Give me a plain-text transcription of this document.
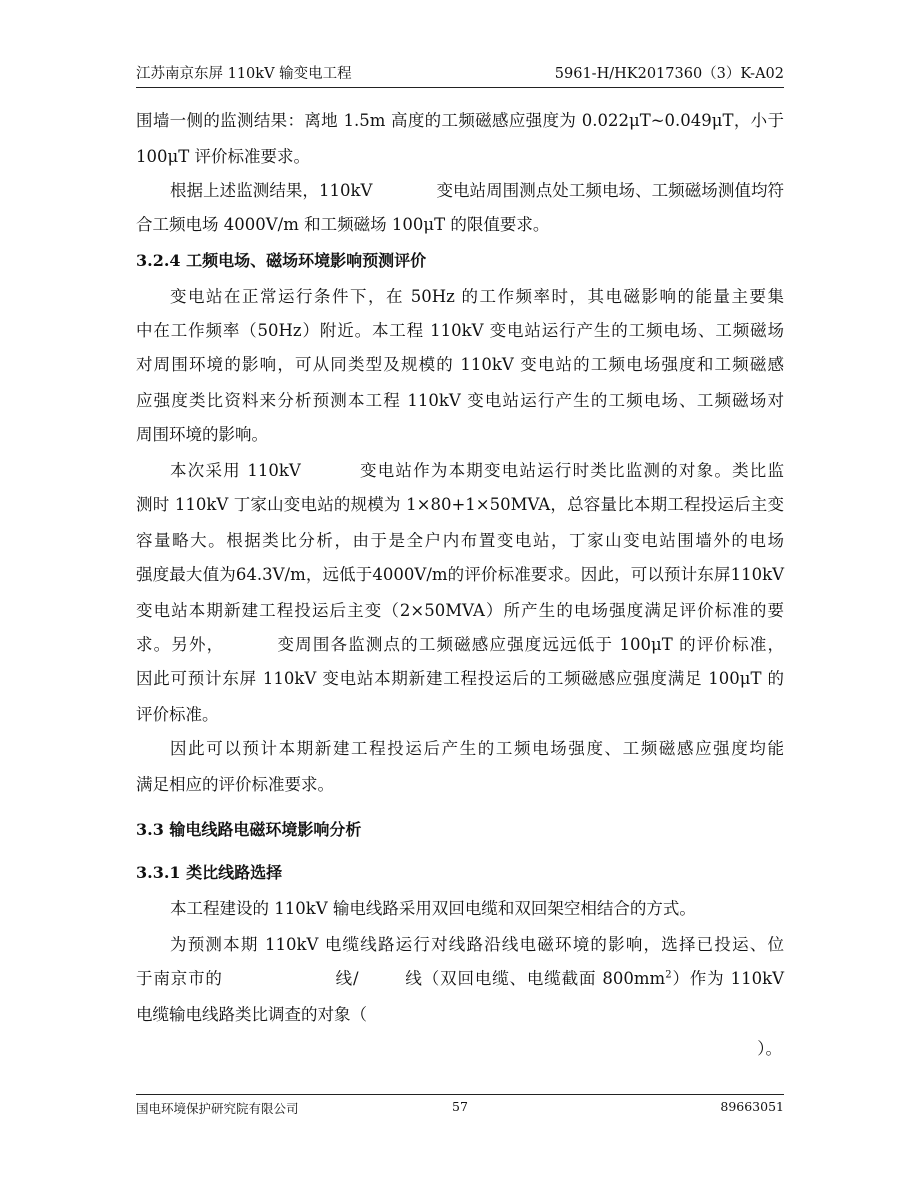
江苏南京东屏 110kV 输变电工程	5961-H/HK2017360（3）K-A02
围墙一侧的监测结果：离地 1.5m 高度的工频磁感应强度为 0.022μT~0.049μT，小于
100μT 评价标准要求。
根据上述监测结果，110kV	变电站周围测点处工频电场、工频磁场测值均符
合工频电场 4000V/m 和工频磁场 100μT 的限值要求。
3.2.4 工频电场、磁场环境影响预测评价
变电站在正常运行条件下，在 50Hz 的工作频率时，其电磁影响的能量主要集
中在工作频率（50Hz）附近。本工程 110kV 变电站运行产生的工频电场、工频磁场
对周围环境的影响，可从同类型及规模的 110kV 变电站的工频电场强度和工频磁感
应强度类比资料来分析预测本工程 110kV 变电站运行产生的工频电场、工频磁场对
周围环境的影响。
本次采用 110kV	变电站作为本期变电站运行时类比监测的对象。类比监
测时 110kV 丁家山变电站的规模为 1×80+1×50MVA，总容量比本期工程投运后主变
容量略大。根据类比分析，由于是全户内布置变电站，丁家山变电站围墙外的电场
强度最大值为64.3V/m，远低于4000V/m的评价标准要求。因此，可以预计东屏110kV
变电站本期新建工程投运后主变（2×50MVA）所产生的电场强度满足评价标准的要
求。另外，	变周围各监测点的工频磁感应强度远远低于 100μT 的评价标准，
因此可预计东屏 110kV 变电站本期新建工程投运后的工频磁感应强度满足 100μT 的
评价标准。
因此可以预计本期新建工程投运后产生的工频电场强度、工频磁感应强度均能
满足相应的评价标准要求。
3.3 输电线路电磁环境影响分析
3.3.1 类比线路选择
本工程建设的 110kV 输电线路采用双回电缆和双回架空相结合的方式。
为预测本期 110kV 电缆线路运行对线路沿线电磁环境的影响，选择已投运、位
于南京市的	线/	线（双回电缆、电缆截面 $800mm^2$）作为 110kV
电缆输电线路类比调查的对象（
）。
国电环境保护研究院有限公司	57	89663051
